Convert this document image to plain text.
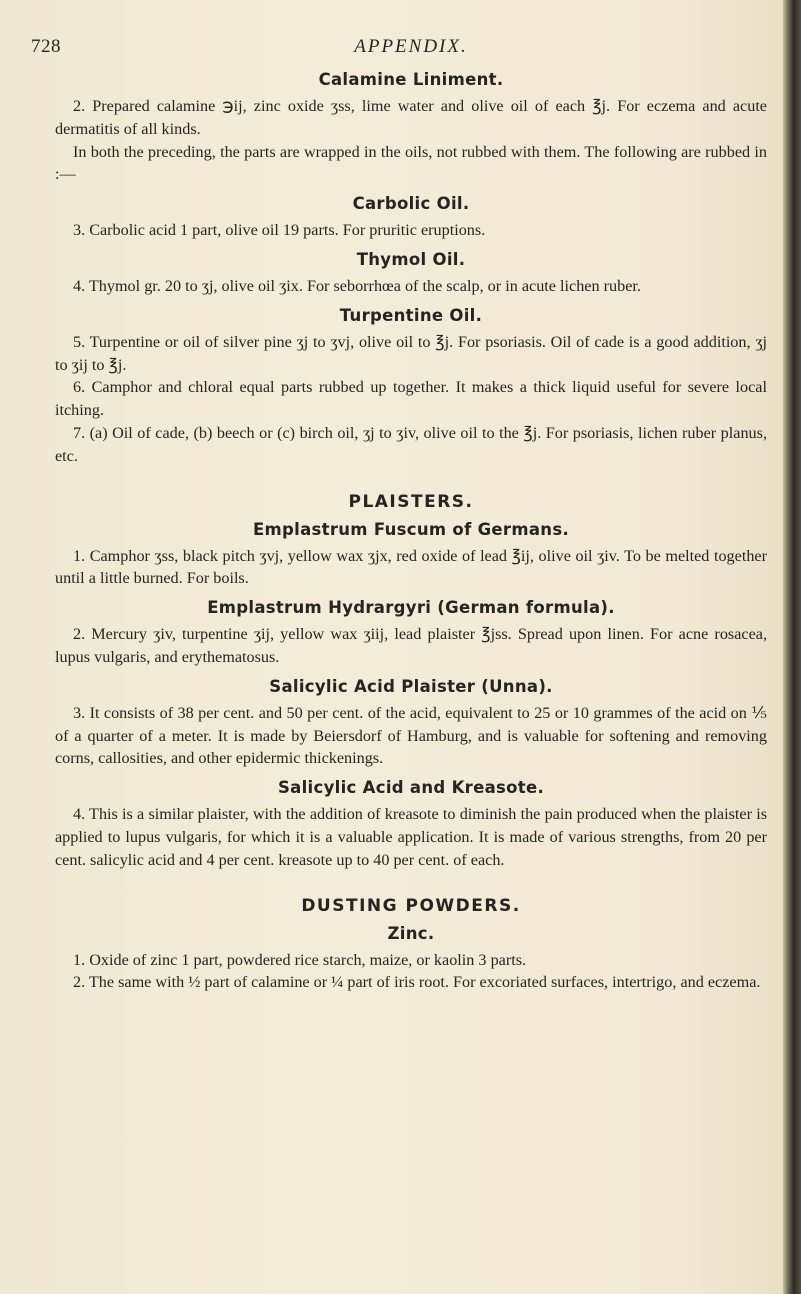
728	APPENDIX.
Calamine Liniment.

2. Prepared calamine ℈ij, zinc oxide ʒss, lime water and olive oil of each ℥j. For eczema and acute dermatitis of all kinds.

In both the preceding, the parts are wrapped in the oils, not rubbed with them. The following are rubbed in :—

Carbolic Oil.

3. Carbolic acid 1 part, olive oil 19 parts. For pruritic eruptions.

Thymol Oil.

4. Thymol gr. 20 to ʒj, olive oil ʒix. For seborrhœa of the scalp, or in acute lichen ruber.

Turpentine Oil.

5. Turpentine or oil of silver pine ʒj to ʒvj, olive oil to ℥j. For psoriasis. Oil of cade is a good addition, ʒj to ʒij to ℥j.

6. Camphor and chloral equal parts rubbed up together. It makes a thick liquid useful for severe local itching.

7. (a) Oil of cade, (b) beech or (c) birch oil, ʒj to ʒiv, olive oil to the ℥j. For psoriasis, lichen ruber planus, etc.

PLAISTERS.
Emplastrum Fuscum of Germans.

1. Camphor ʒss, black pitch ʒvj, yellow wax ʒjx, red oxide of lead ℥ij, olive oil ʒiv. To be melted together until a little burned. For boils.

Emplastrum Hydrargyri (German formula).

2. Mercury ʒiv, turpentine ʒij, yellow wax ʒiij, lead plaister ℥jss. Spread upon linen. For acne rosacea, lupus vulgaris, and erythematosus.

Salicylic Acid Plaister (Unna).

3. It consists of 38 per cent. and 50 per cent. of the acid, equivalent to 25 or 10 grammes of the acid on ⅕ of a quarter of a meter. It is made by Beiersdorf of Hamburg, and is valuable for softening and removing corns, callosities, and other epidermic thickenings.

Salicylic Acid and Kreasote.

4. This is a similar plaister, with the addition of kreasote to diminish the pain produced when the plaister is applied to lupus vulgaris, for which it is a valuable application. It is made of various strengths, from 20 per cent. salicylic acid and 4 per cent. kreasote up to 40 per cent. of each.

DUSTING POWDERS.
Zinc.

1. Oxide of zinc 1 part, powdered rice starch, maize, or kaolin 3 parts.

2. The same with ½ part of calamine or ¼ part of iris root. For excoriated surfaces, intertrigo, and eczema.
